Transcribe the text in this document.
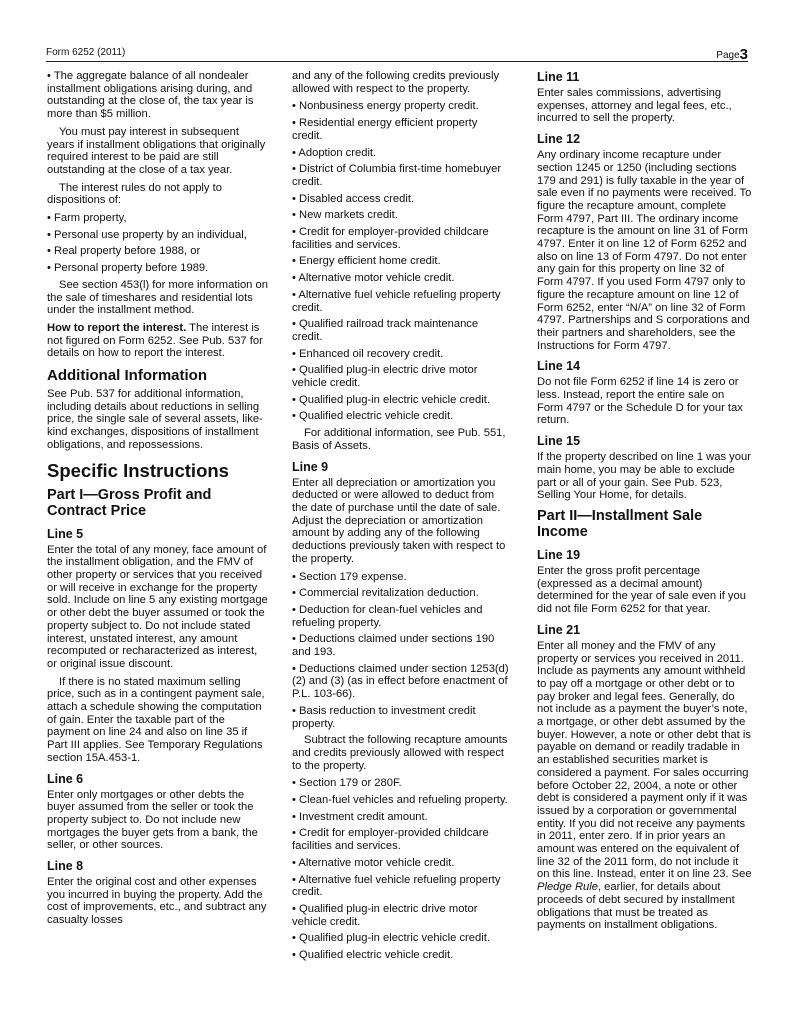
Form 6252 (2011)	Page3

• The aggregate balance of all nondealer installment obligations arising during, and outstanding at the close of, the tax year is more than $5 million.

You must pay interest in subsequent years if installment obligations that originally required interest to be paid are still outstanding at the close of a tax year.

The interest rules do not apply to dispositions of:

• Farm property,

• Personal use property by an individual,

• Real property before 1988, or

• Personal property before 1989.

See section 453(l) for more information on the sale of timeshares and residential lots under the installment method.

How to report the interest. The interest is not figured on Form 6252. See Pub. 537 for details on how to report the interest.

Additional Information

See Pub. 537 for additional information, including details about reductions in selling price, the single sale of several assets, like-kind exchanges, dispositions of installment obligations, and repossessions.

Specific Instructions
Part I—Gross Profit and Contract Price
Line 5

Enter the total of any money, face amount of the installment obligation, and the FMV of other property or services that you received or will receive in exchange for the property sold. Include on line 5 any existing mortgage or other debt the buyer assumed or took the property subject to. Do not include stated interest, unstated interest, any amount recomputed or recharacterized as interest, or original issue discount.

If there is no stated maximum selling price, such as in a contingent payment sale, attach a schedule showing the computation of gain. Enter the taxable part of the payment on line 24 and also on line 35 if Part III applies. See Temporary Regulations section 15A.453-1.

Line 6

Enter only mortgages or other debts the buyer assumed from the seller or took the property subject to. Do not include new mortgages the buyer gets from a bank, the seller, or other sources.

Line 8

Enter the original cost and other expenses you incurred in buying the property. Add the cost of improvements, etc., and subtract any casualty losses

and any of the following credits previously allowed with respect to the property.

• Nonbusiness energy property credit.

• Residential energy efficient property credit.

• Adoption credit.

• District of Columbia first-time homebuyer credit.

• Disabled access credit.

• New markets credit.

• Credit for employer-provided childcare facilities and services.

• Energy efficient home credit.

• Alternative motor vehicle credit.

• Alternative fuel vehicle refueling property credit.

• Qualified railroad track maintenance credit.

• Enhanced oil recovery credit.

• Qualified plug-in electric drive motor vehicle credit.

• Qualified plug-in electric vehicle credit.

• Qualified electric vehicle credit.

For additional information, see Pub. 551, Basis of Assets.

Line 9

Enter all depreciation or amortization you deducted or were allowed to deduct from the date of purchase until the date of sale. Adjust the depreciation or amortization amount by adding any of the following deductions previously taken with respect to the property.

• Section 179 expense.

• Commercial revitalization deduction.

• Deduction for clean-fuel vehicles and refueling property.

• Deductions claimed under sections 190 and 193.

• Deductions claimed under section 1253(d)(2) and (3) (as in effect before enactment of P.L. 103-66).

• Basis reduction to investment credit property.

Subtract the following recapture amounts and credits previously allowed with respect to the property.

• Section 179 or 280F.

• Clean-fuel vehicles and refueling property.

• Investment credit amount.

• Credit for employer-provided childcare facilities and services.

• Alternative motor vehicle credit.

• Alternative fuel vehicle refueling property credit.

• Qualified plug-in electric drive motor vehicle credit.

• Qualified plug-in electric vehicle credit.

• Qualified electric vehicle credit.

Line 11

Enter sales commissions, advertising expenses, attorney and legal fees, etc., incurred to sell the property.

Line 12

Any ordinary income recapture under section 1245 or 1250 (including sections 179 and 291) is fully taxable in the year of sale even if no payments were received. To figure the recapture amount, complete Form 4797, Part III. The ordinary income recapture is the amount on line 31 of Form 4797. Enter it on line 12 of Form 6252 and also on line 13 of Form 4797. Do not enter any gain for this property on line 32 of Form 4797. If you used Form 4797 only to figure the recapture amount on line 12 of Form 6252, enter “N/A” on line 32 of Form 4797. Partnerships and S corporations and their partners and shareholders, see the Instructions for Form 4797.

Line 14

Do not file Form 6252 if line 14 is zero or less. Instead, report the entire sale on Form 4797 or the Schedule D for your tax return.

Line 15

If the property described on line 1 was your main home, you may be able to exclude part or all of your gain. See Pub. 523, Selling Your Home, for details.

Part II—Installment Sale Income
Line 19

Enter the gross profit percentage (expressed as a decimal amount) determined for the year of sale even if you did not file Form 6252 for that year.

Line 21

Enter all money and the FMV of any property or services you received in 2011. Include as payments any amount withheld to pay off a mortgage or other debt or to pay broker and legal fees. Generally, do not include as a payment the buyer’s note, a mortgage, or other debt assumed by the buyer. However, a note or other debt that is payable on demand or readily tradable in an established securities market is considered a payment. For sales occurring before October 22, 2004, a note or other debt is considered a payment only if it was issued by a corporation or governmental entity. If you did not receive any payments in 2011, enter zero. If in prior years an amount was entered on the equivalent of line 32 of the 2011 form, do not include it on this line. Instead, enter it on line 23. See Pledge Rule, earlier, for details about proceeds of debt secured by installment obligations that must be treated as payments on installment obligations.
